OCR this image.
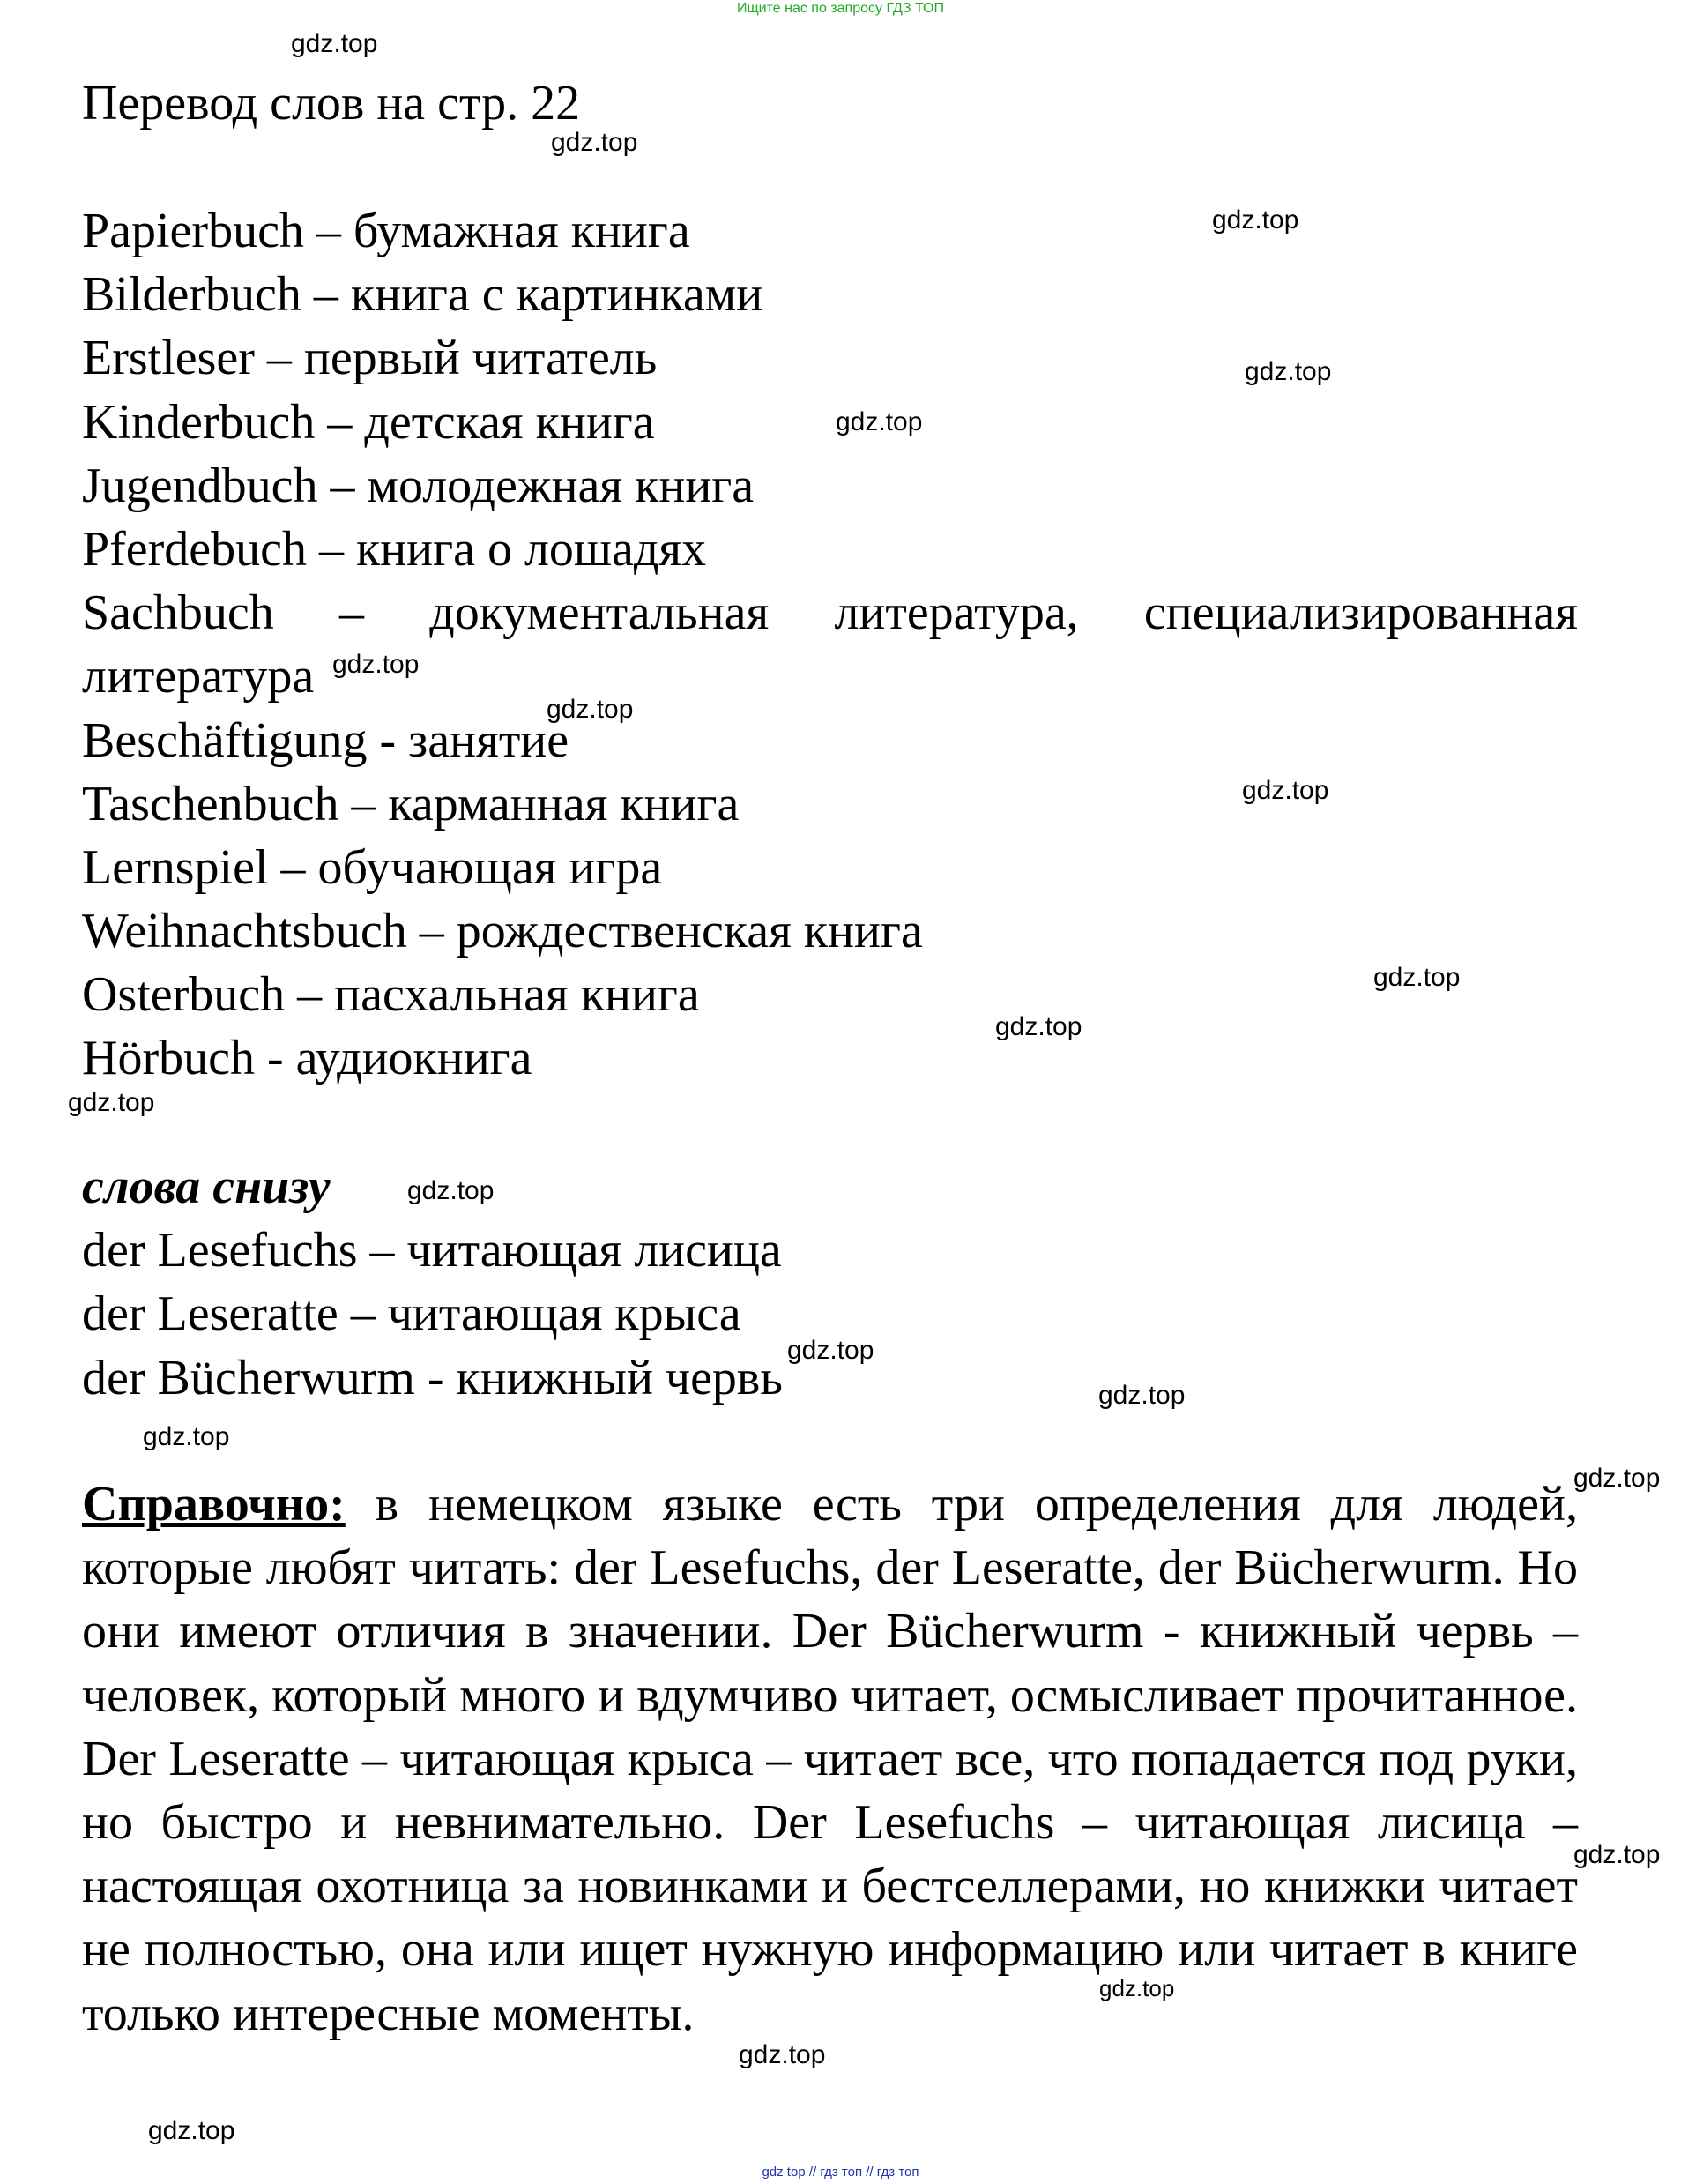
Ищите нас по запросу ГДЗ ТОП
Перевод слов на стр. 22
Papierbuch – бумажная книга
Bilderbuch – книга с картинками
Erstleser – первый читатель
Kinderbuch – детская книга
Jugendbuch – молодежная книга
Pferdebuch – книга о лошадях
Sachbuch – документальная литература, специализированная литература
Beschäftigung - занятие
Taschenbuch – карманная книга
Lernspiel – обучающая игра
Weihnachtsbuch – рождественская книга
Osterbuch – пасхальная книга
Hörbuch - аудиокнига
слова снизу
der Lesefuchs – читающая лисица
der Leseratte – читающая крыса
der Bücherwurm - книжный червь
Справочно: в немецком языке есть три определения для людей, которые любят читать: der Lesefuchs, der Leseratte, der Bücherwurm. Но они имеют отличия в значении. Der Bücherwurm - книжный червь – человек, который много и вдумчиво читает, осмысливает прочитанное. Der Leseratte – читающая крыса – читает все, что попадается под руки, но быстро и невнимательно. Der Lesefuchs – читающая лисица – настоящая охотница за новинками и бестселлерами, но книжки читает не полностью, она или ищет нужную информацию или читает в книге только интересные моменты.
gdz.top
gdz.top
gdz.top
gdz.top
gdz.top
gdz.top
gdz.top
gdz.top
gdz.top
gdz.top
gdz.top
gdz.top
gdz.top
gdz.top
gdz.top
gdz.top
gdz.top
gdz.top
gdz.top
gdz.top
gdz top // гдз топ // гдз топ
